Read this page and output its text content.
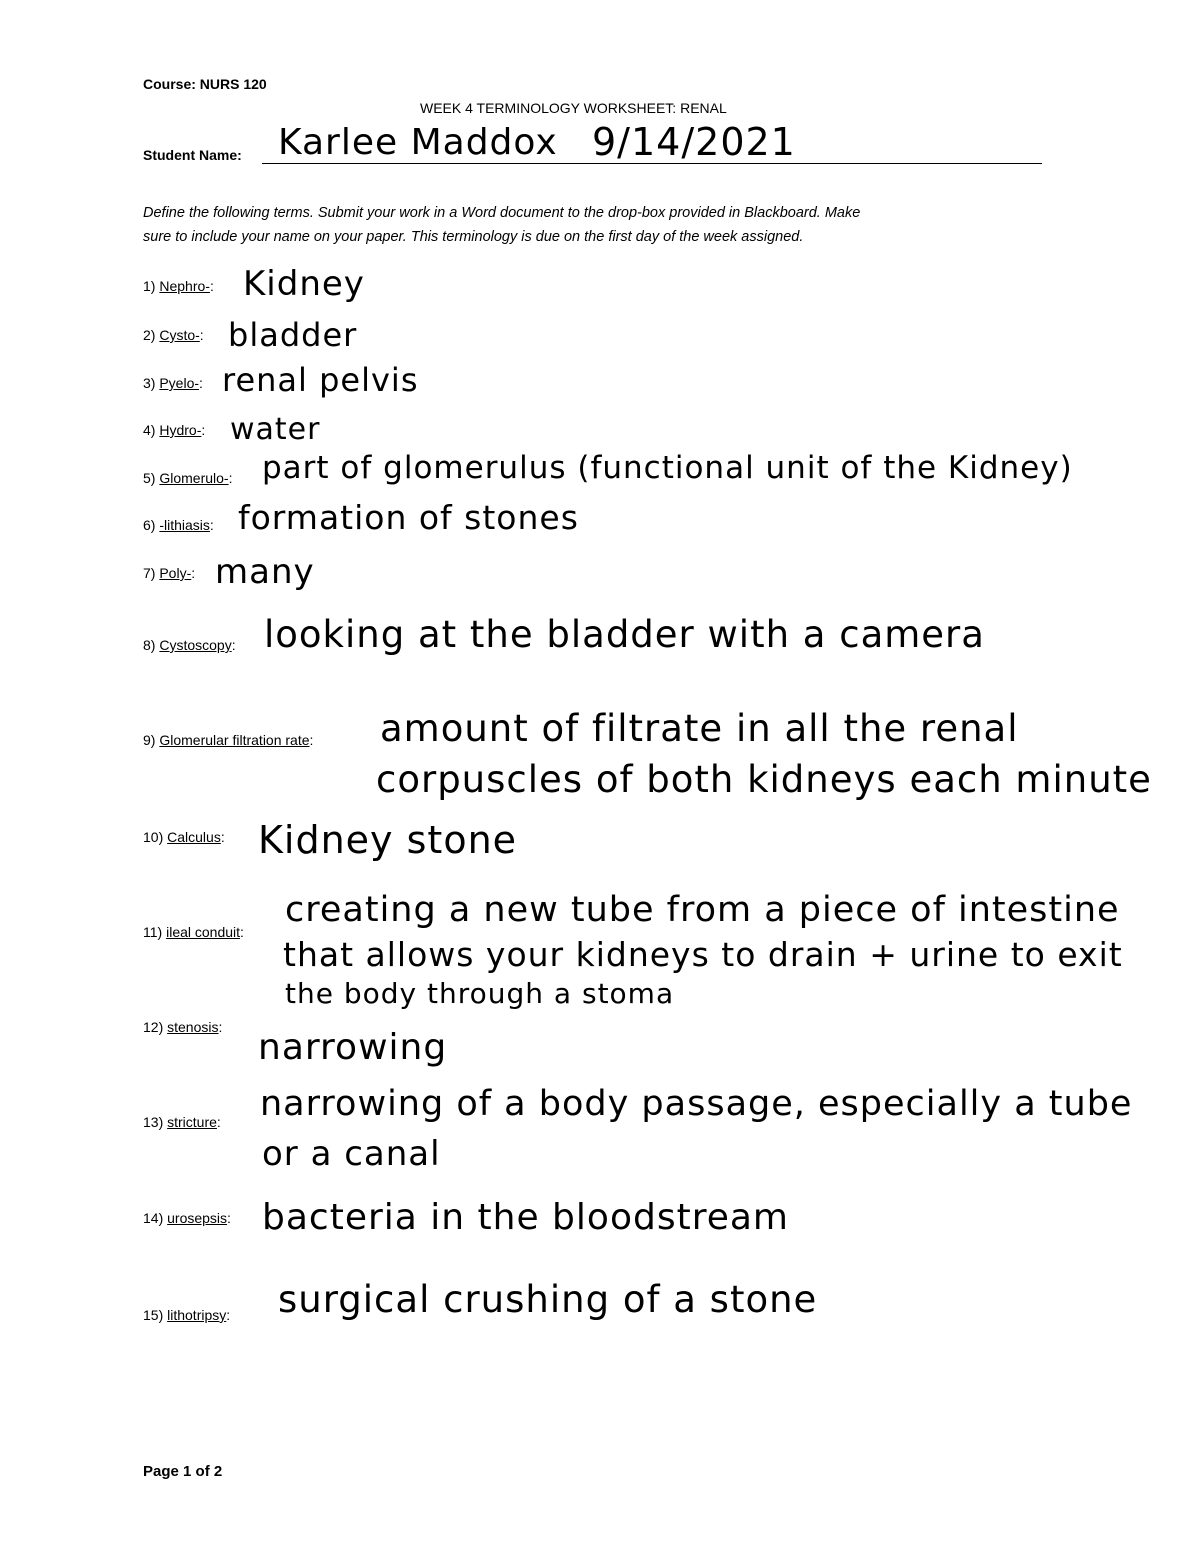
Course: NURS 120
WEEK 4 TERMINOLOGY WORKSHEET: RENAL
Student Name: Karlee Maddox 9/14/2021
Define the following terms. Submit your work in a Word document to the drop-box provided in Blackboard. Make
sure to include your name on your paper. This terminology is due on the first day of the week assigned.
1) Nephro-: Kidney
2) Cysto-: bladder
3) Pyelo-: renal pelvis
4) Hydro-: water
5) Glomerulo-: part of glomerulus (functional unit of the Kidney)
6) -lithiasis: formation of stones
7) Poly-: many
8) Cystoscopy: looking at the bladder with a camera
9) Glomerular filtration rate: amount of filtrate in all the renal
corpuscles of both kidneys each minute
10) Calculus: Kidney stone
11) ileal conduit:
creating a new tube from a piece of intestine
that allows your kidneys to drain + urine to exit
the body through a stoma
12) stenosis: narrowing
13) stricture: narrowing of a body passage, especially a tube
or a canal
14) urosepsis: bacteria in the bloodstream
15) lithotripsy: surgical crushing of a stone
Page 1 of 2
